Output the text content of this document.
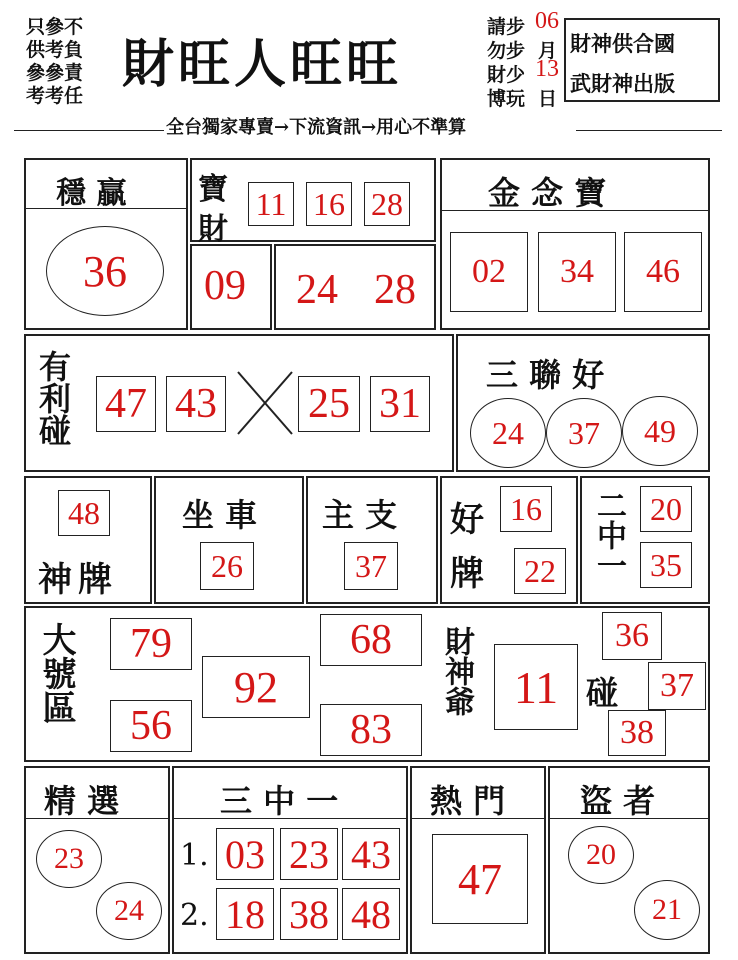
只參不
供考負
參參責
考考任
財旺人旺旺
請步
勿步
財少
博玩
06
月
13
日
財神供合國
武財神出版
全台獨家專賣→下流資訊→用心不準算
穩 贏
36
寶
財
11 16 28
09 24 28
金 念 寶
02 34 46
有利碰 47 43 25 31
三 聯 好
24 37 49
48
神牌
坐 車
26
主 支
37
好
牌
16
22 二中一 20
35
大號區 79
56
92
68
83
財神爺 11 碰
36
37
38
精 選
23
24
三 中 一
1. 03 23 43
2. 18 38 48
熱 門
47
盜 者
20
21
